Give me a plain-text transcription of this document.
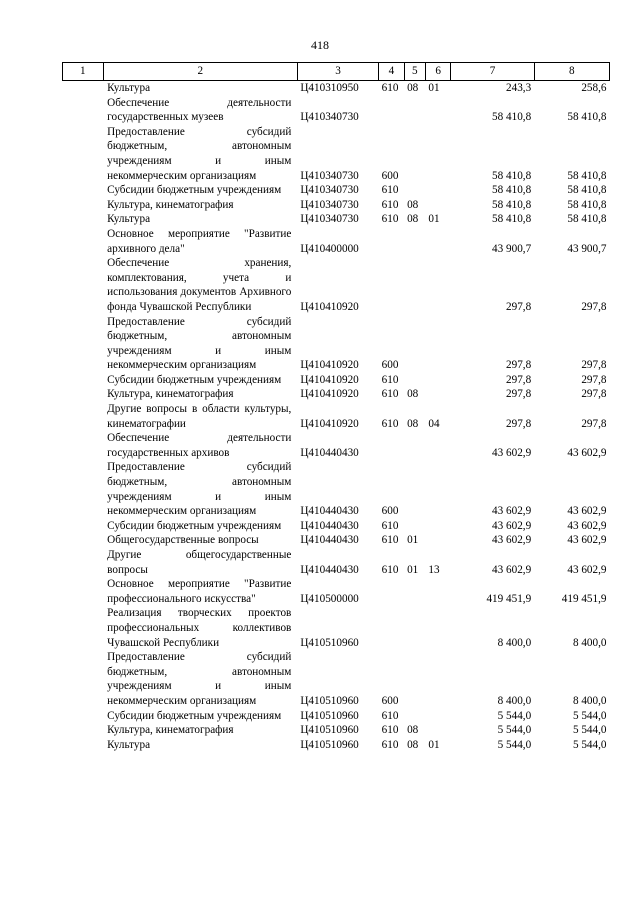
418
1	2	3	4	5	6	7	8
	Культура	Ц410310950	610	08	01	243,3	258,6
	Обеспечение деятельности государственных музеев	Ц410340730				58 410,8	58 410,8
	Предоставление субсидий бюджетным, автономным учреждениям и иным некоммерческим организациям	Ц410340730	600			58 410,8	58 410,8
	Субсидии бюджетным учреждениям	Ц410340730	610			58 410,8	58 410,8
	Культура, кинематография	Ц410340730	610	08		58 410,8	58 410,8
	Культура	Ц410340730	610	08	01	58 410,8	58 410,8
	Основное мероприятие "Развитие архивного дела"	Ц410400000				43 900,7	43 900,7
	Обеспечение хранения, комплектования, учета и использования документов Архивного фонда Чувашской Республики	Ц410410920				297,8	297,8
	Предоставление субсидий бюджетным, автономным учреждениям и иным некоммерческим организациям	Ц410410920	600			297,8	297,8
	Субсидии бюджетным учреждениям	Ц410410920	610			297,8	297,8
	Культура, кинематография	Ц410410920	610	08		297,8	297,8
	Другие вопросы в области культуры, кинематографии	Ц410410920	610	08	04	297,8	297,8
	Обеспечение деятельности государственных архивов	Ц410440430				43 602,9	43 602,9
	Предоставление субсидий бюджетным, автономным учреждениям и иным некоммерческим организациям	Ц410440430	600			43 602,9	43 602,9
	Субсидии бюджетным учреждениям	Ц410440430	610			43 602,9	43 602,9
	Общегосударственные вопросы	Ц410440430	610	01		43 602,9	43 602,9
	Другие общегосударственные вопросы	Ц410440430	610	01	13	43 602,9	43 602,9
	Основное мероприятие "Развитие профессионального искусства"	Ц410500000				419 451,9	419 451,9
	Реализация творческих проектов профессиональных коллективов Чувашской Республики	Ц410510960				8 400,0	8 400,0
	Предоставление субсидий бюджетным, автономным учреждениям и иным некоммерческим организациям	Ц410510960	600			8 400,0	8 400,0
	Субсидии бюджетным учреждениям	Ц410510960	610			5 544,0	5 544,0
	Культура, кинематография	Ц410510960	610	08		5 544,0	5 544,0
	Культура	Ц410510960	610	08	01	5 544,0	5 544,0
